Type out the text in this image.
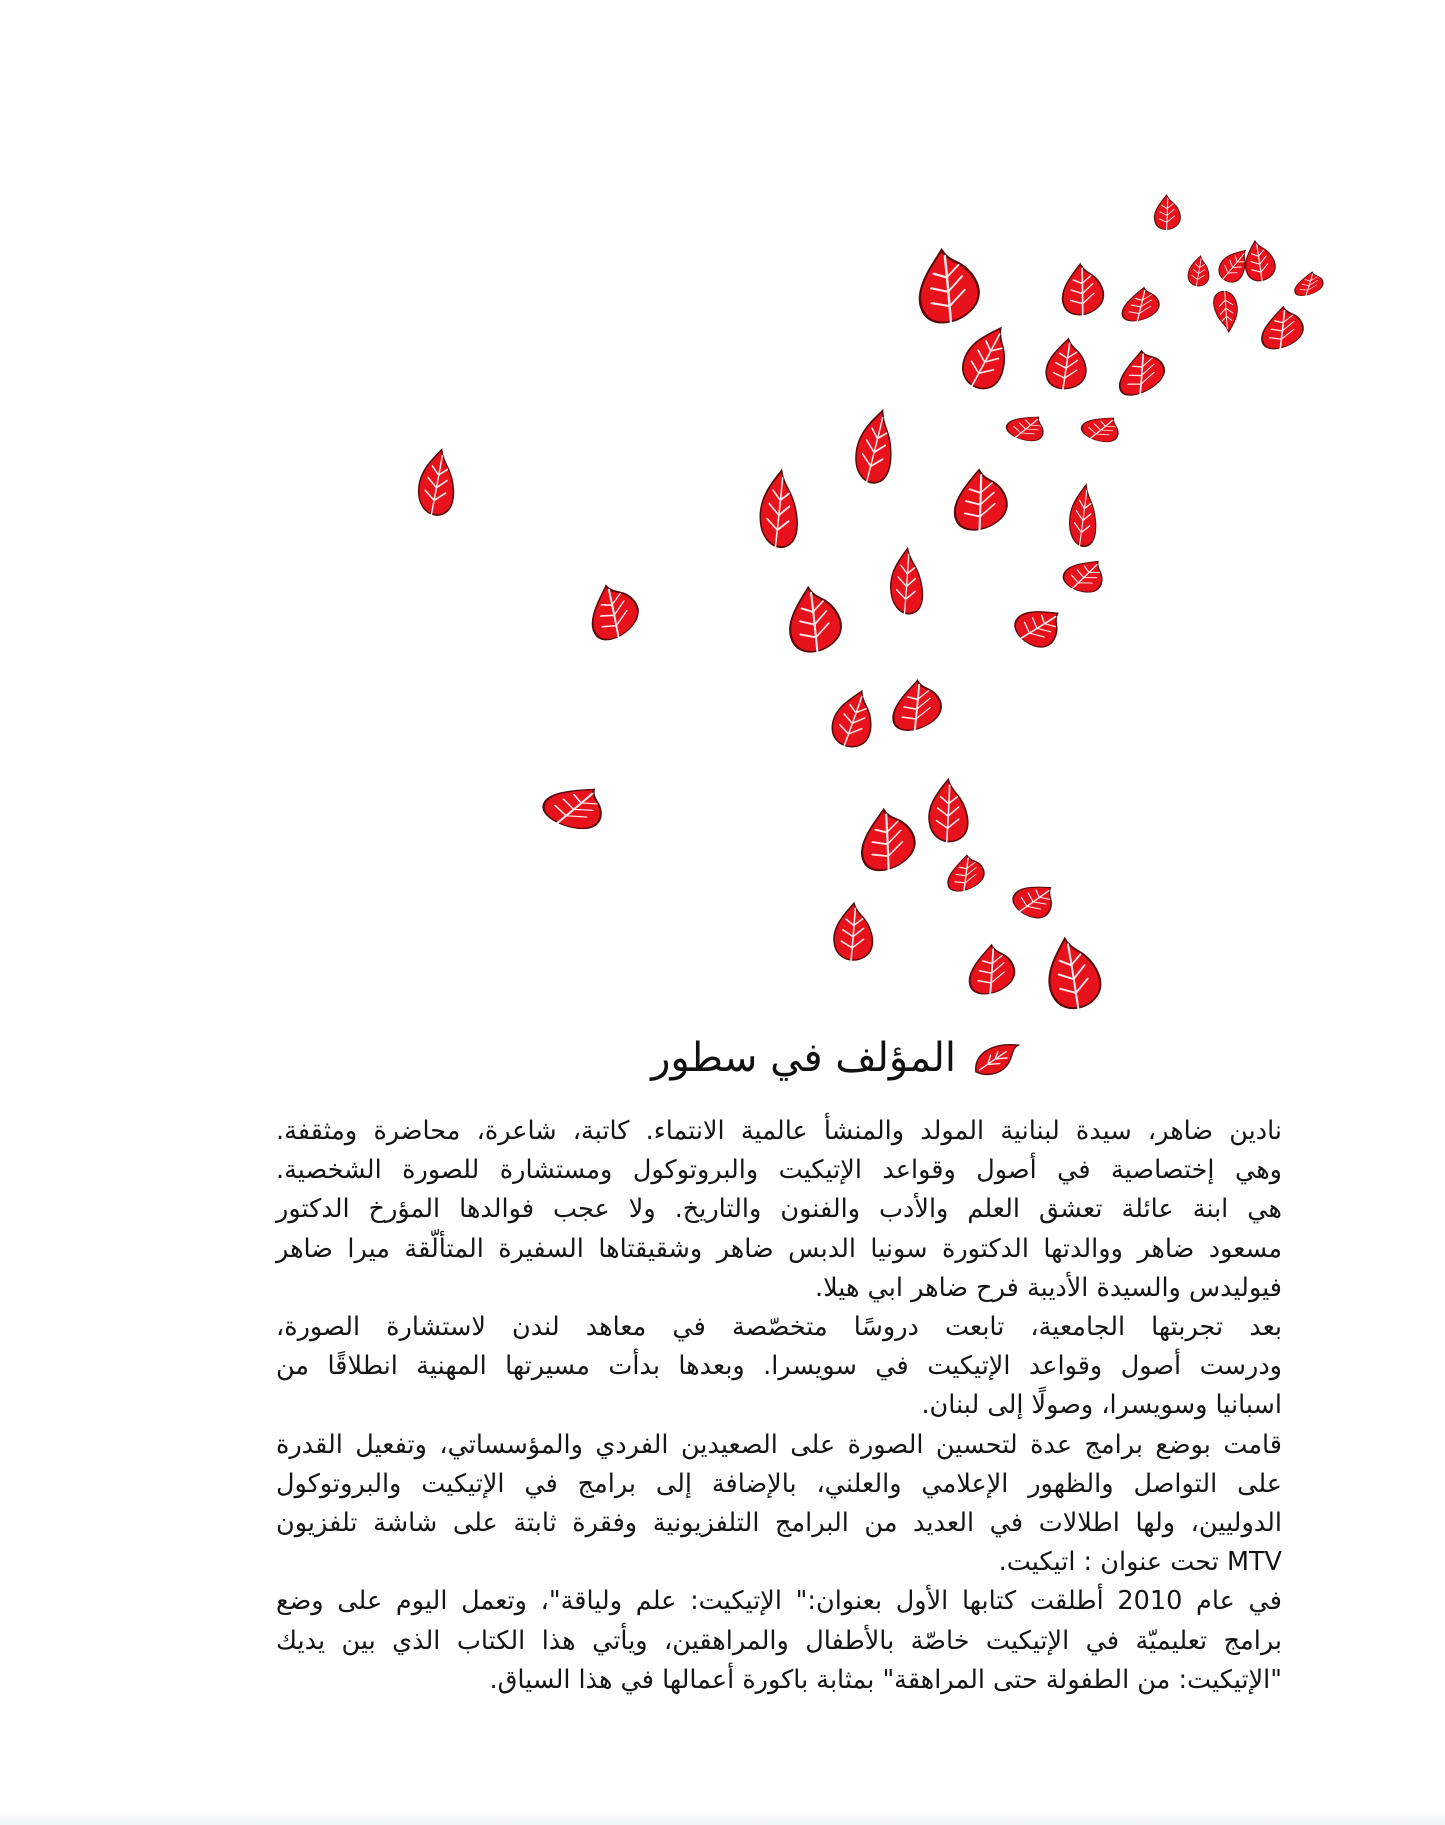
المؤلف في سطور
نادين ضاهر، سيدة لبنانية المولد والمنشأ عالمية الانتماء. كاتبة، شاعرة، محاضرة ومثقفة.
وهي إختصاصية في أصول وقواعد الإتيكيت والبروتوكول ومستشارة للصورة الشخصية.
هي ابنة عائلة تعشق العلم والأدب والفنون والتاريخ. ولا عجب فوالدها المؤرخ الدكتور
مسعود ضاهر ووالدتها الدكتورة سونيا الدبس ضاهر وشقيقتاها السفيرة المتألّقة ميرا ضاهر
فيوليدس والسيدة الأديبة فرح ضاهر ابي هيلا.
بعد تجربتها الجامعية، تابعت دروسًا متخصّصة في معاهد لندن لاستشارة الصورة،
ودرست أصول وقواعد الإتيكيت في سويسرا. وبعدها بدأت مسيرتها المهنية انطلاقًا من
اسبانيا وسويسرا، وصولًا إلى لبنان.
قامت بوضع برامج عدة لتحسين الصورة على الصعيدين الفردي والمؤسساتي، وتفعيل القدرة
على التواصل والظهور الإعلامي والعلني، بالإضافة إلى برامج في الإتيكيت والبروتوكول
الدوليين، ولها اطلالات في العديد من البرامج التلفزيونية وفقرة ثابتة على شاشة تلفزيون
MTV تحت عنوان : اتيكيت.
في عام 2010 أطلقت كتابها الأول بعنوان:" الإتيكيت: علم ولياقة"، وتعمل اليوم على وضع
برامج تعليميّة في الإتيكيت خاصّة بالأطفال والمراهقين، ويأتي هذا الكتاب الذي بين يديك
"الإتيكيت: من الطفولة حتى المراهقة" بمثابة باكورة أعمالها في هذا السياق.
